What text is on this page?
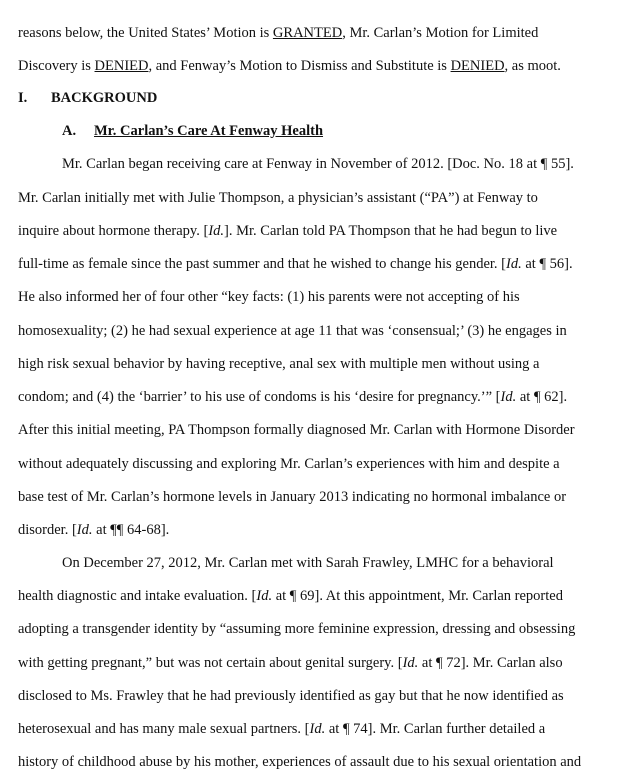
reasons below, the United States’ Motion is GRANTED, Mr. Carlan’s Motion for Limited
Discovery is DENIED, and Fenway’s Motion to Dismiss and Substitute is DENIED, as moot.
I. BACKGROUND
A. Mr. Carlan’s Care At Fenway Health
Mr. Carlan began receiving care at Fenway in November of 2012. [Doc. No. 18 at ¶ 55].
Mr. Carlan initially met with Julie Thompson, a physician’s assistant (“PA”) at Fenway to
inquire about hormone therapy. [Id.]. Mr. Carlan told PA Thompson that he had begun to live
full-time as female since the past summer and that he wished to change his gender. [Id. at ¶ 56].
He also informed her of four other “key facts: (1) his parents were not accepting of his
homosexuality; (2) he had sexual experience at age 11 that was ‘consensual;’ (3) he engages in
high risk sexual behavior by having receptive, anal sex with multiple men without using a
condom; and (4) the ‘barrier’ to his use of condoms is his ‘desire for pregnancy.’” [Id. at ¶ 62].
After this initial meeting, PA Thompson formally diagnosed Mr. Carlan with Hormone Disorder
without adequately discussing and exploring Mr. Carlan’s experiences with him and despite a
base test of Mr. Carlan’s hormone levels in January 2013 indicating no hormonal imbalance or
disorder. [Id. at ¶¶ 64-68].
On December 27, 2012, Mr. Carlan met with Sarah Frawley, LMHC for a behavioral
health diagnostic and intake evaluation. [Id. at ¶ 69]. At this appointment, Mr. Carlan reported
adopting a transgender identity by “assuming more feminine expression, dressing and obsessing
with getting pregnant,” but was not certain about genital surgery. [Id. at ¶ 72]. Mr. Carlan also
disclosed to Ms. Frawley that he had previously identified as gay but that he now identified as
heterosexual and has many male sexual partners. [Id. at ¶ 74]. Mr. Carlan further detailed a
history of childhood abuse by his mother, experiences of assault due to his sexual orientation and
